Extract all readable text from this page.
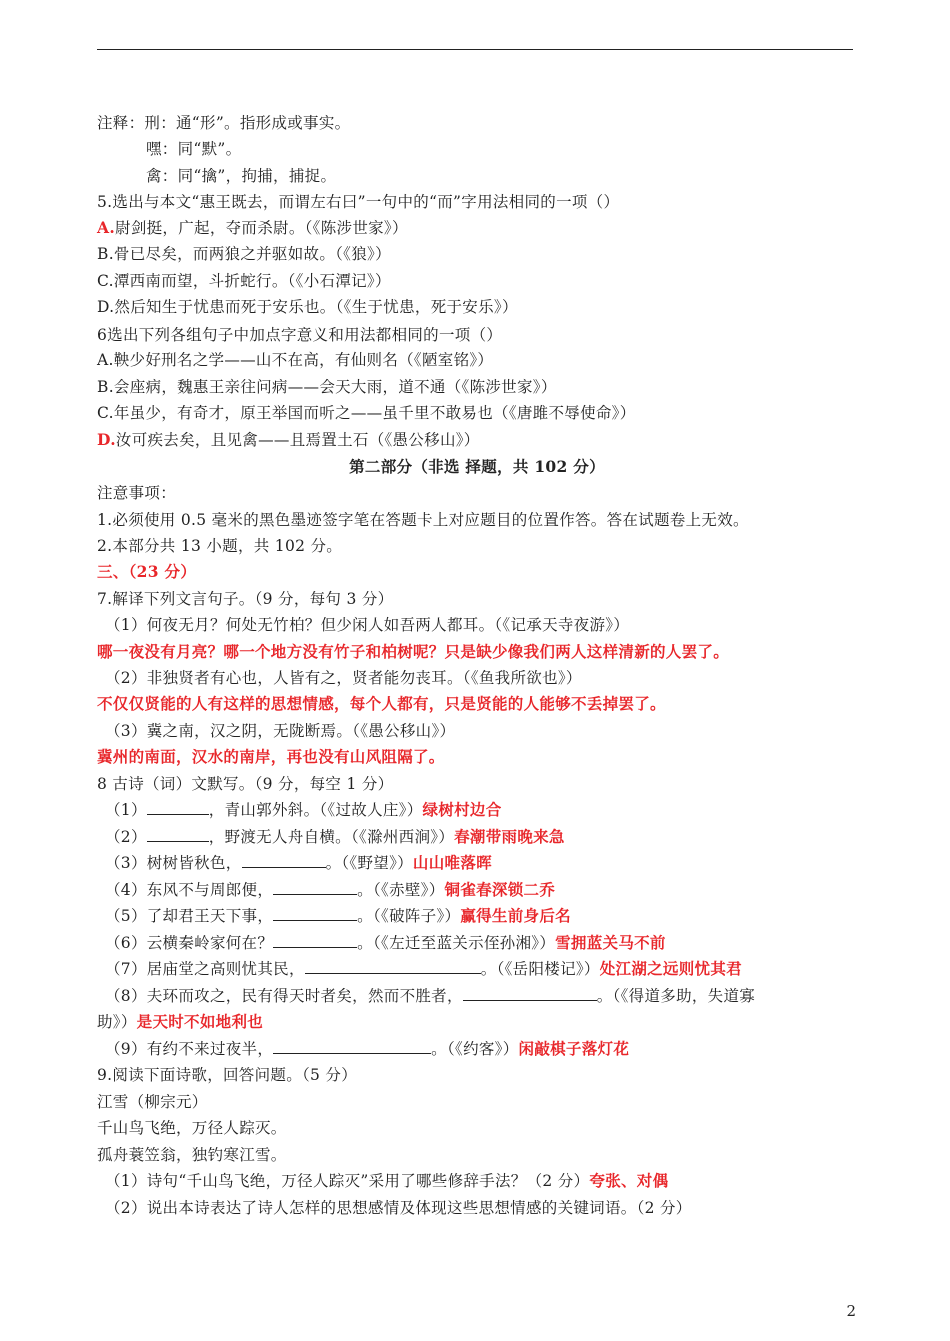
注释：刑：通“形”。指形成或事实。
嘿：同“默”。
禽：同“擒”，拘捕，捕捉。
5.选出与本文“惠王既去，而谓左右曰”一句中的“而”字用法相同的一项（）
A.尉剑挺，广起，夺而杀尉。（《陈涉世家》）
B.骨已尽矣，而两狼之并驱如故。（《狼》）
C.潭西南而望，斗折蛇行。（《小石潭记》）
D.然后知生于忧患而死于安乐也。（《生于忧患，死于安乐》）
6选出下列各组句子中加点字意义和用法都相同的一项（）
A.鞅少好刑名之学——山不在高，有仙则名（《陋室铭》）
B.会座病，魏惠王亲往问病——会天大雨，道不通（《陈涉世家》）
C.年虽少，有奇才，原王举国而听之——虽千里不敢易也（《唐雎不辱使命》）
D.汝可疾去矣，且见禽——且焉置土石（《愚公移山》）
第二部分（非选 择题，共 102 分）
注意事项：
1.必须使用 0.5 毫米的黑色墨迹签字笔在答题卡上对应题目的位置作答。答在试题卷上无效。
2.本部分共 13 小题，共 102 分。
三、（23 分）
7.解译下列文言句子。（9 分，每句 3 分）
（1）何夜无月？何处无竹柏？但少闲人如吾两人都耳。（《记承天寺夜游》）
哪一夜没有月亮？哪一个地方没有竹子和柏树呢？只是缺少像我们两人这样清新的人罢了。
（2）非独贤者有心也，人皆有之，贤者能勿丧耳。（《鱼我所欲也》）
不仅仅贤能的人有这样的思想情感，每个人都有，只是贤能的人能够不丢掉罢了。
（3）冀之南，汉之阴，无陇断焉。（《愚公移山》）
冀州的南面，汉水的南岸，再也没有山风阻隔了。
8 古诗（词）文默写。（9 分，每空 1 分）
（1）	，青山郭外斜。（《过故人庄》）绿树村边合
（2）	，野渡无人舟自横。（《滁州西涧》）春潮带雨晚来急
（3）树树皆秋色，	。（《野望》）山山唯落晖
（4）东风不与周郎便，	。（《赤壁》）铜雀春深锁二乔
（5）了却君王天下事，	。（《破阵子》）赢得生前身后名
（6）云横秦岭家何在？	。（《左迁至蓝关示侄孙湘》）雪拥蓝关马不前
（7）居庙堂之高则忧其民，	。（《岳阳楼记》）处江湖之远则忧其君
（8）夫环而攻之，民有得天时者矣，然而不胜者，	。（《得道多助，失道寡
助》）是天时不如地利也
（9）有约不来过夜半，	。（《约客》）闲敲棋子落灯花
9.阅读下面诗歌，回答问题。（5 分）
江雪（柳宗元）
千山鸟飞绝，万径人踪灭。
孤舟蓑笠翁，独钓寒江雪。
（1）诗句“千山鸟飞绝，万径人踪灭”采用了哪些修辞手法？（2 分）夸张、对偶
（2）说出本诗表达了诗人怎样的思想感情及体现这些思想情感的关键词语。（2 分）
2
